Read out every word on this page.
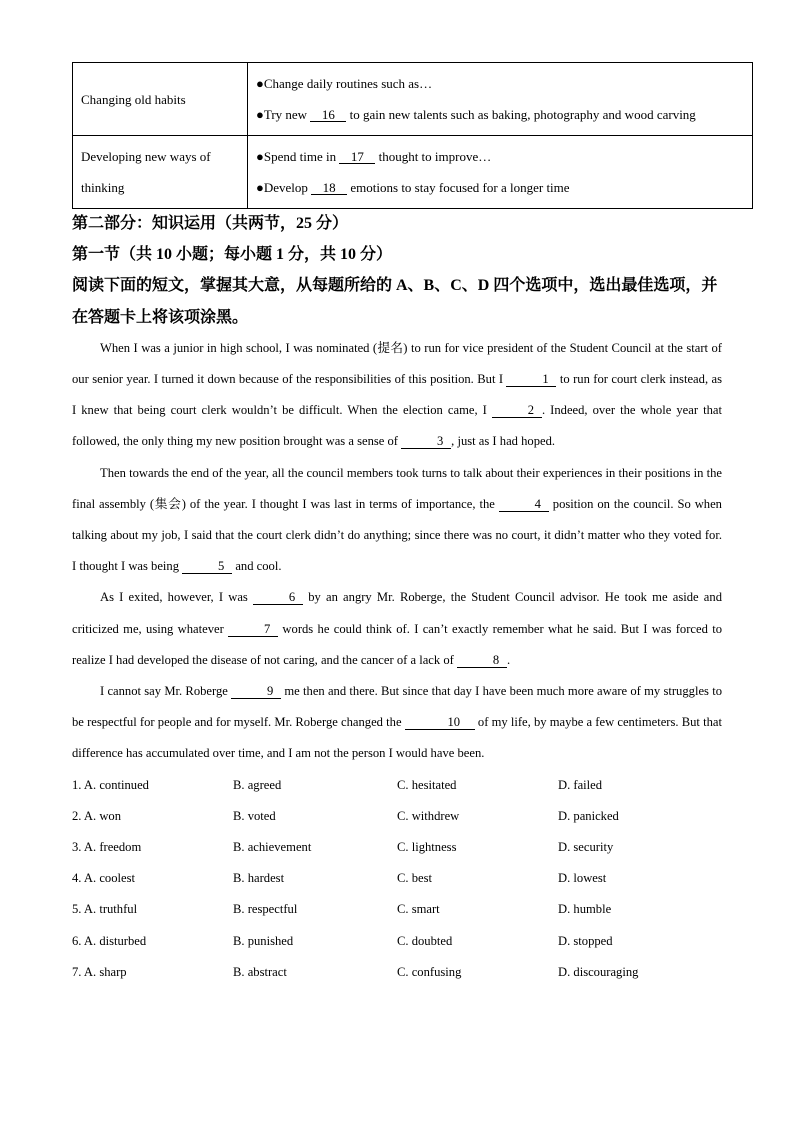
Changing old habits	●Change daily routines such as…
●Try new 16 to gain new talents such as baking, photography and wood carving

Developing new ways of thinking	●Spend time in 17 thought to improve…
●Develop 18 emotions to stay focused for a longer time

第二部分：知识运用（共两节，25 分）

第一节（共 10 小题；每小题 1 分，共 10 分）

阅读下面的短文，掌握其大意，从每题所给的 A、B、C、D 四个选项中，选出最佳选项，并在答题卡上将该项涂黑。

When I was a junior in high school, I was nominated (提名) to run for vice president of the Student Council at the start of our senior year. I turned it down because of the responsibilities of this position. But I	1 to run for court clerk instead, as I knew that being court clerk wouldn’t be difficult. When the election came, I	2 . Indeed, over the whole year that followed, the only thing my new position brought was a sense of	3 , just as I had hoped.

Then towards the end of the year, all the council members took turns to talk about their experiences in their positions in the final assembly (集会) of the year. I thought I was last in terms of importance, the	4 position on the council. So when talking about my job, I said that the court clerk didn’t do anything; since there was no court, it didn’t matter who they voted for. I thought I was being	5 and cool.

As I exited, however, I was	6 by an angry Mr. Roberge, the Student Council advisor. He took me aside and criticized me, using whatever	7 words he could think of. I can’t exactly remember what he said. But I was forced to realize I had developed the disease of not caring, and the cancer of a lack of	8 .

I cannot say Mr. Roberge	9 me then and there. But since that day I have been much more aware of my struggles to be respectful for people and for myself. Mr. Roberge changed the	10 of my life, by maybe a few centimeters. But that difference has accumulated over time, and I am not the person I would have been.

1. A. continued	B. agreed	C. hesitated	D. failed
2. A. won	B. voted	C. withdrew	D. panicked
3. A. freedom	B. achievement	C. lightness	D. security
4. A. coolest	B. hardest	C. best	D. lowest
5. A. truthful	B. respectful	C. smart	D. humble
6. A. disturbed	B. punished	C. doubted	D. stopped
7. A. sharp	B. abstract	C. confusing	D. discouraging
